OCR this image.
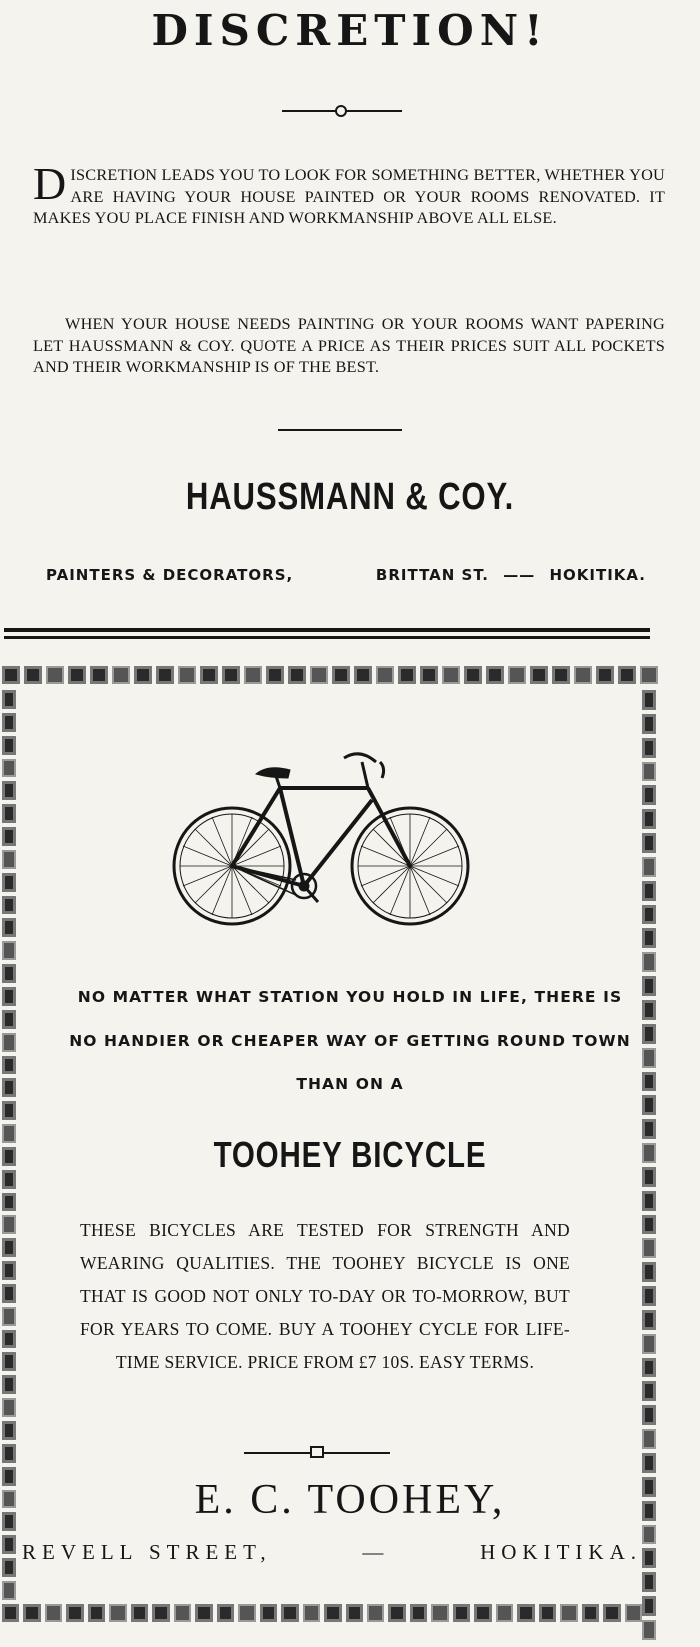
DISCRETION!
DISCRETION LEADS YOU TO LOOK FOR SOMETHING BETTER, WHETHER YOU ARE HAVING YOUR HOUSE PAINTED OR YOUR ROOMS RENOVATED. IT MAKES YOU PLACE FINISH AND WORKMANSHIP ABOVE ALL ELSE.
WHEN YOUR HOUSE NEEDS PAINTING OR YOUR ROOMS WANT PAPERING LET HAUSSMANN & COY. QUOTE A PRICE AS THEIR PRICES SUIT ALL POCKETS AND THEIR WORKMANSHIP IS OF THE BEST.
HAUSSMANN & COY.
PAINTERS & DECORATORS,	BRITTAN ST. —— HOKITIKA.
NO MATTER WHAT STATION YOU HOLD IN LIFE, THERE IS
NO HANDIER OR CHEAPER WAY OF GETTING ROUND TOWN
THAN ON A
TOOHEY BICYCLE
THESE BICYCLES ARE TESTED FOR STRENGTH AND WEARING QUALITIES. THE TOOHEY BICYCLE IS ONE THAT IS GOOD NOT ONLY TO-DAY OR TO-MORROW, BUT FOR YEARS TO COME. BUY A TOOHEY CYCLE FOR LIFE-TIME SERVICE. PRICE FROM £7 10S. EASY TERMS.
E. C. TOOHEY,
REVELL STREET,	—	HOKITIKA.
